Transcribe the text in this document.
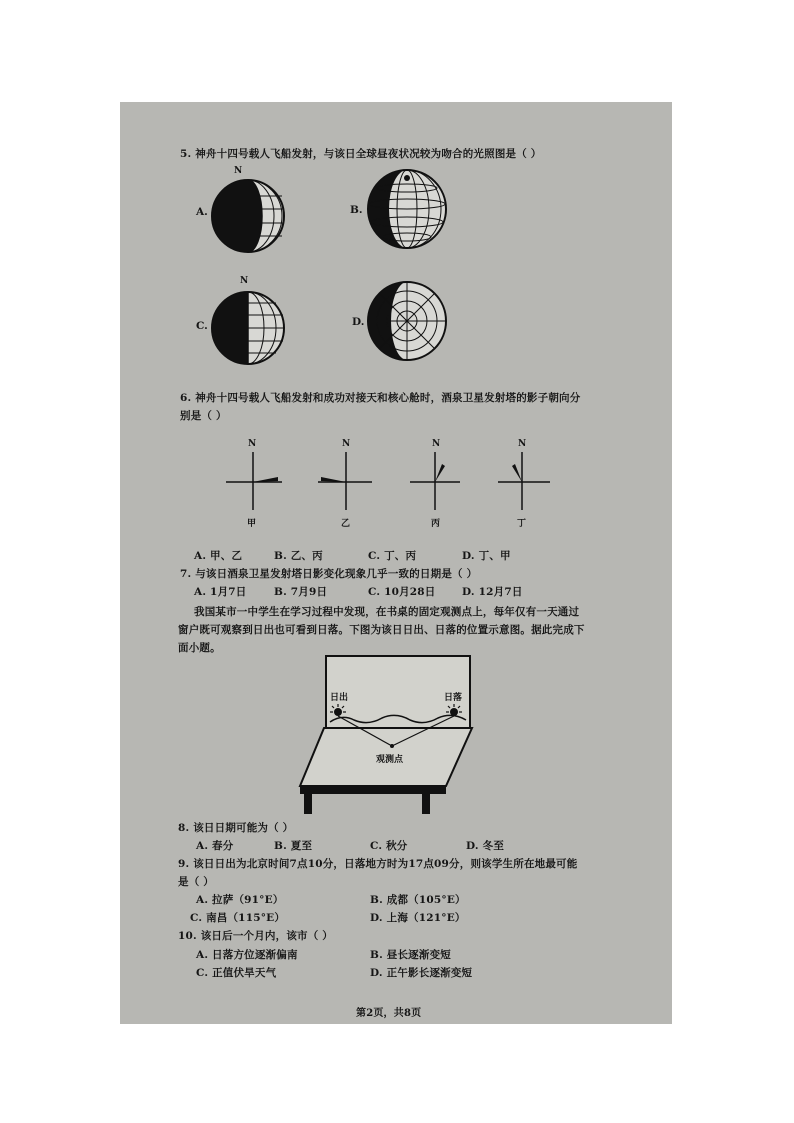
5. 神舟十四号载人飞船发射，与该日全球昼夜状况较为吻合的光照图是（ ）
A.	B.
C.	D.
N
N
6. 神舟十四号载人飞船发射和成功对接天和核心舱时，酒泉卫星发射塔的影子朝向分
别是（ ）
N	N	N	N
甲	乙	丙	丁
A. 甲、乙	B. 乙、丙	C. 丁、丙	D. 丁、甲
7. 与该日酒泉卫星发射塔日影变化现象几乎一致的日期是（ ）
A. 1月7日	B. 7月9日	C. 10月28日	D. 12月7日
我国某市一中学生在学习过程中发现，在书桌的固定观测点上，每年仅有一天通过
窗户既可观察到日出也可看到日落。下图为该日日出、日落的位置示意图。据此完成下
面小题。
日出	日落
观测点
8. 该日日期可能为（ ）
A. 春分	B. 夏至	C. 秋分	D. 冬至
9. 该日日出为北京时间7点10分，日落地方时为17点09分，则该学生所在地最可能
是（ ）
A. 拉萨（91°E）	B. 成都（105°E）
C. 南昌（115°E）	D. 上海（121°E）
10. 该日后一个月内，该市（ ）
A. 日落方位逐渐偏南	B. 昼长逐渐变短
C. 正值伏旱天气	D. 正午影长逐渐变短
第2页，共8页
